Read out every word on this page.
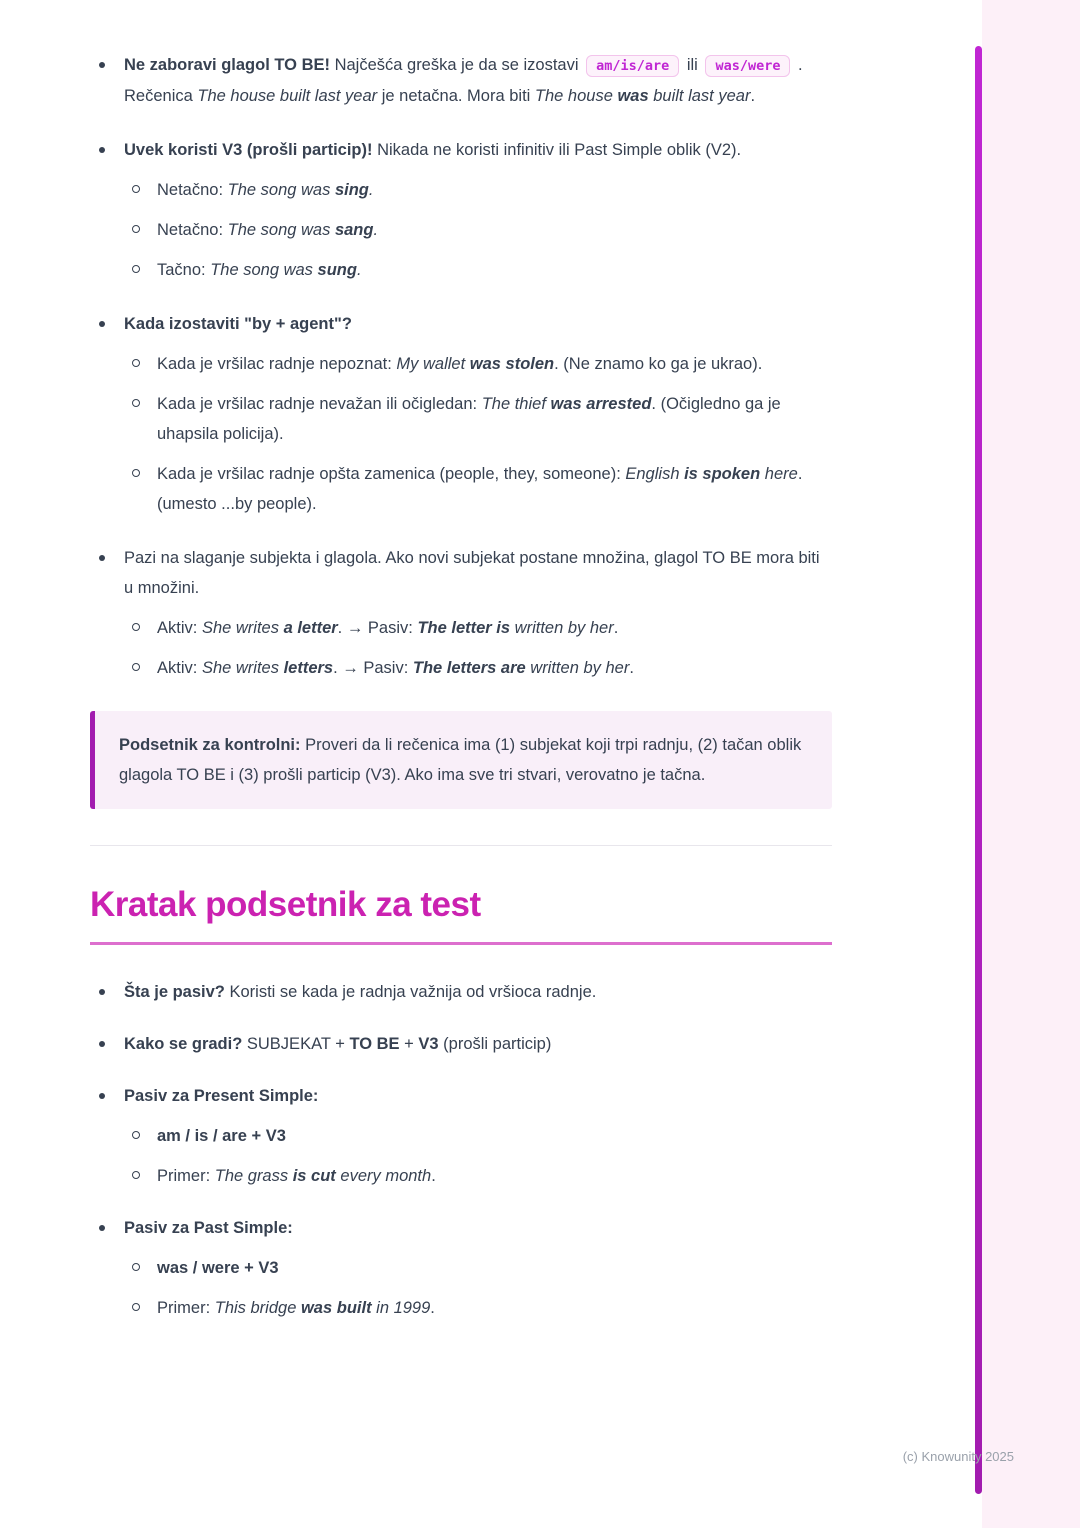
Ne zaboravi glagol TO BE! Najčešća greška je da se izostavi am/is/are ili was/were . Rečenica The house built last year je netačna. Mora biti The house was built last year.
Uvek koristi V3 (prošli particip)! Nikada ne koristi infinitiv ili Past Simple oblik (V2).
Netačno: The song was sing.
Netačno: The song was sang.
Tačno: The song was sung.
Kada izostaviti "by + agent"?
Kada je vršilac radnje nepoznat: My wallet was stolen. (Ne znamo ko ga je ukrao).
Kada je vršilac radnje nevažan ili očigledan: The thief was arrested. (Očigledno ga je uhapsila policija).
Kada je vršilac radnje opšta zamenica (people, they, someone): English is spoken here. (umesto ...by people).
Pazi na slaganje subjekta i glagola. Ako novi subjekat postane množina, glagol TO BE mora biti u množini.
Aktiv: She writes a letter. → Pasiv: The letter is written by her.
Aktiv: She writes letters. → Pasiv: The letters are written by her.
Podsetnik za kontrolni: Proveri da li rečenica ima (1) subjekat koji trpi radnju, (2) tačan oblik glagola TO BE i (3) prošli particip (V3). Ako ima sve tri stvari, verovatno je tačna.
Kratak podsetnik za test
Šta je pasiv? Koristi se kada je radnja važnija od vršioca radnje.
Kako se gradi? SUBJEKAT + TO BE + V3 (prošli particip)
Pasiv za Present Simple:
am / is / are + V3
Primer: The grass is cut every month.
Pasiv za Past Simple:
was / were + V3
Primer: This bridge was built in 1999.
(c) Knowunity 2025
